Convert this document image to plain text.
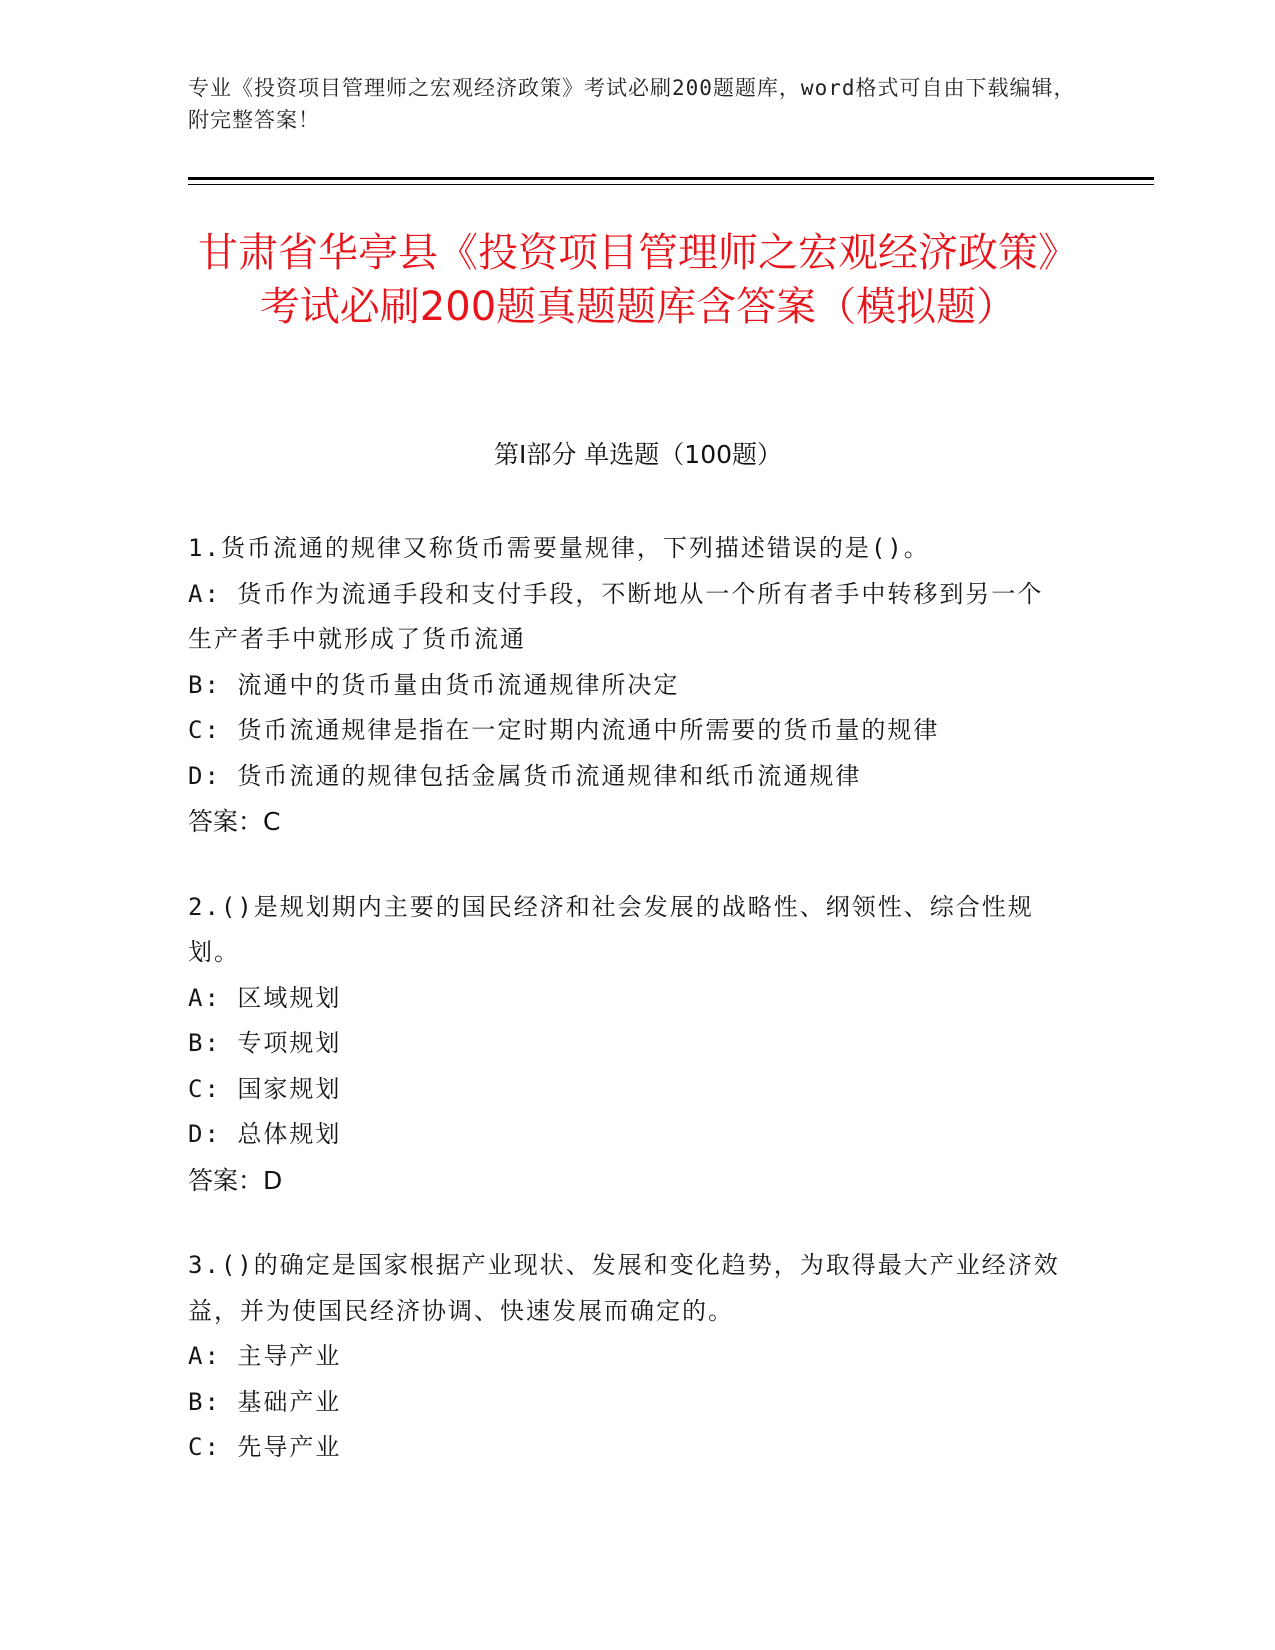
专业《投资项目管理师之宏观经济政策》考试必刷200题题库，word格式可自由下载编辑，附完整答案！
甘肃省华亭县《投资项目管理师之宏观经济政策》考试必刷200题真题题库含答案（模拟题）
第I部分 单选题（100题）

1.货币流通的规律又称货币需要量规律，下列描述错误的是()。

A: 货币作为流通手段和支付手段，不断地从一个所有者手中转移到另一个生产者手中就形成了货币流通

B: 流通中的货币量由货币流通规律所决定

C: 货币流通规律是指在一定时期内流通中所需要的货币量的规律

D: 货币流通的规律包括金属货币流通规律和纸币流通规律

答案：C

2.()是规划期内主要的国民经济和社会发展的战略性、纲领性、综合性规划。

A: 区域规划

B: 专项规划

C: 国家规划

D: 总体规划

答案：D

3.()的确定是国家根据产业现状、发展和变化趋势，为取得最大产业经济效益，并为使国民经济协调、快速发展而确定的。

A: 主导产业

B: 基础产业

C: 先导产业
